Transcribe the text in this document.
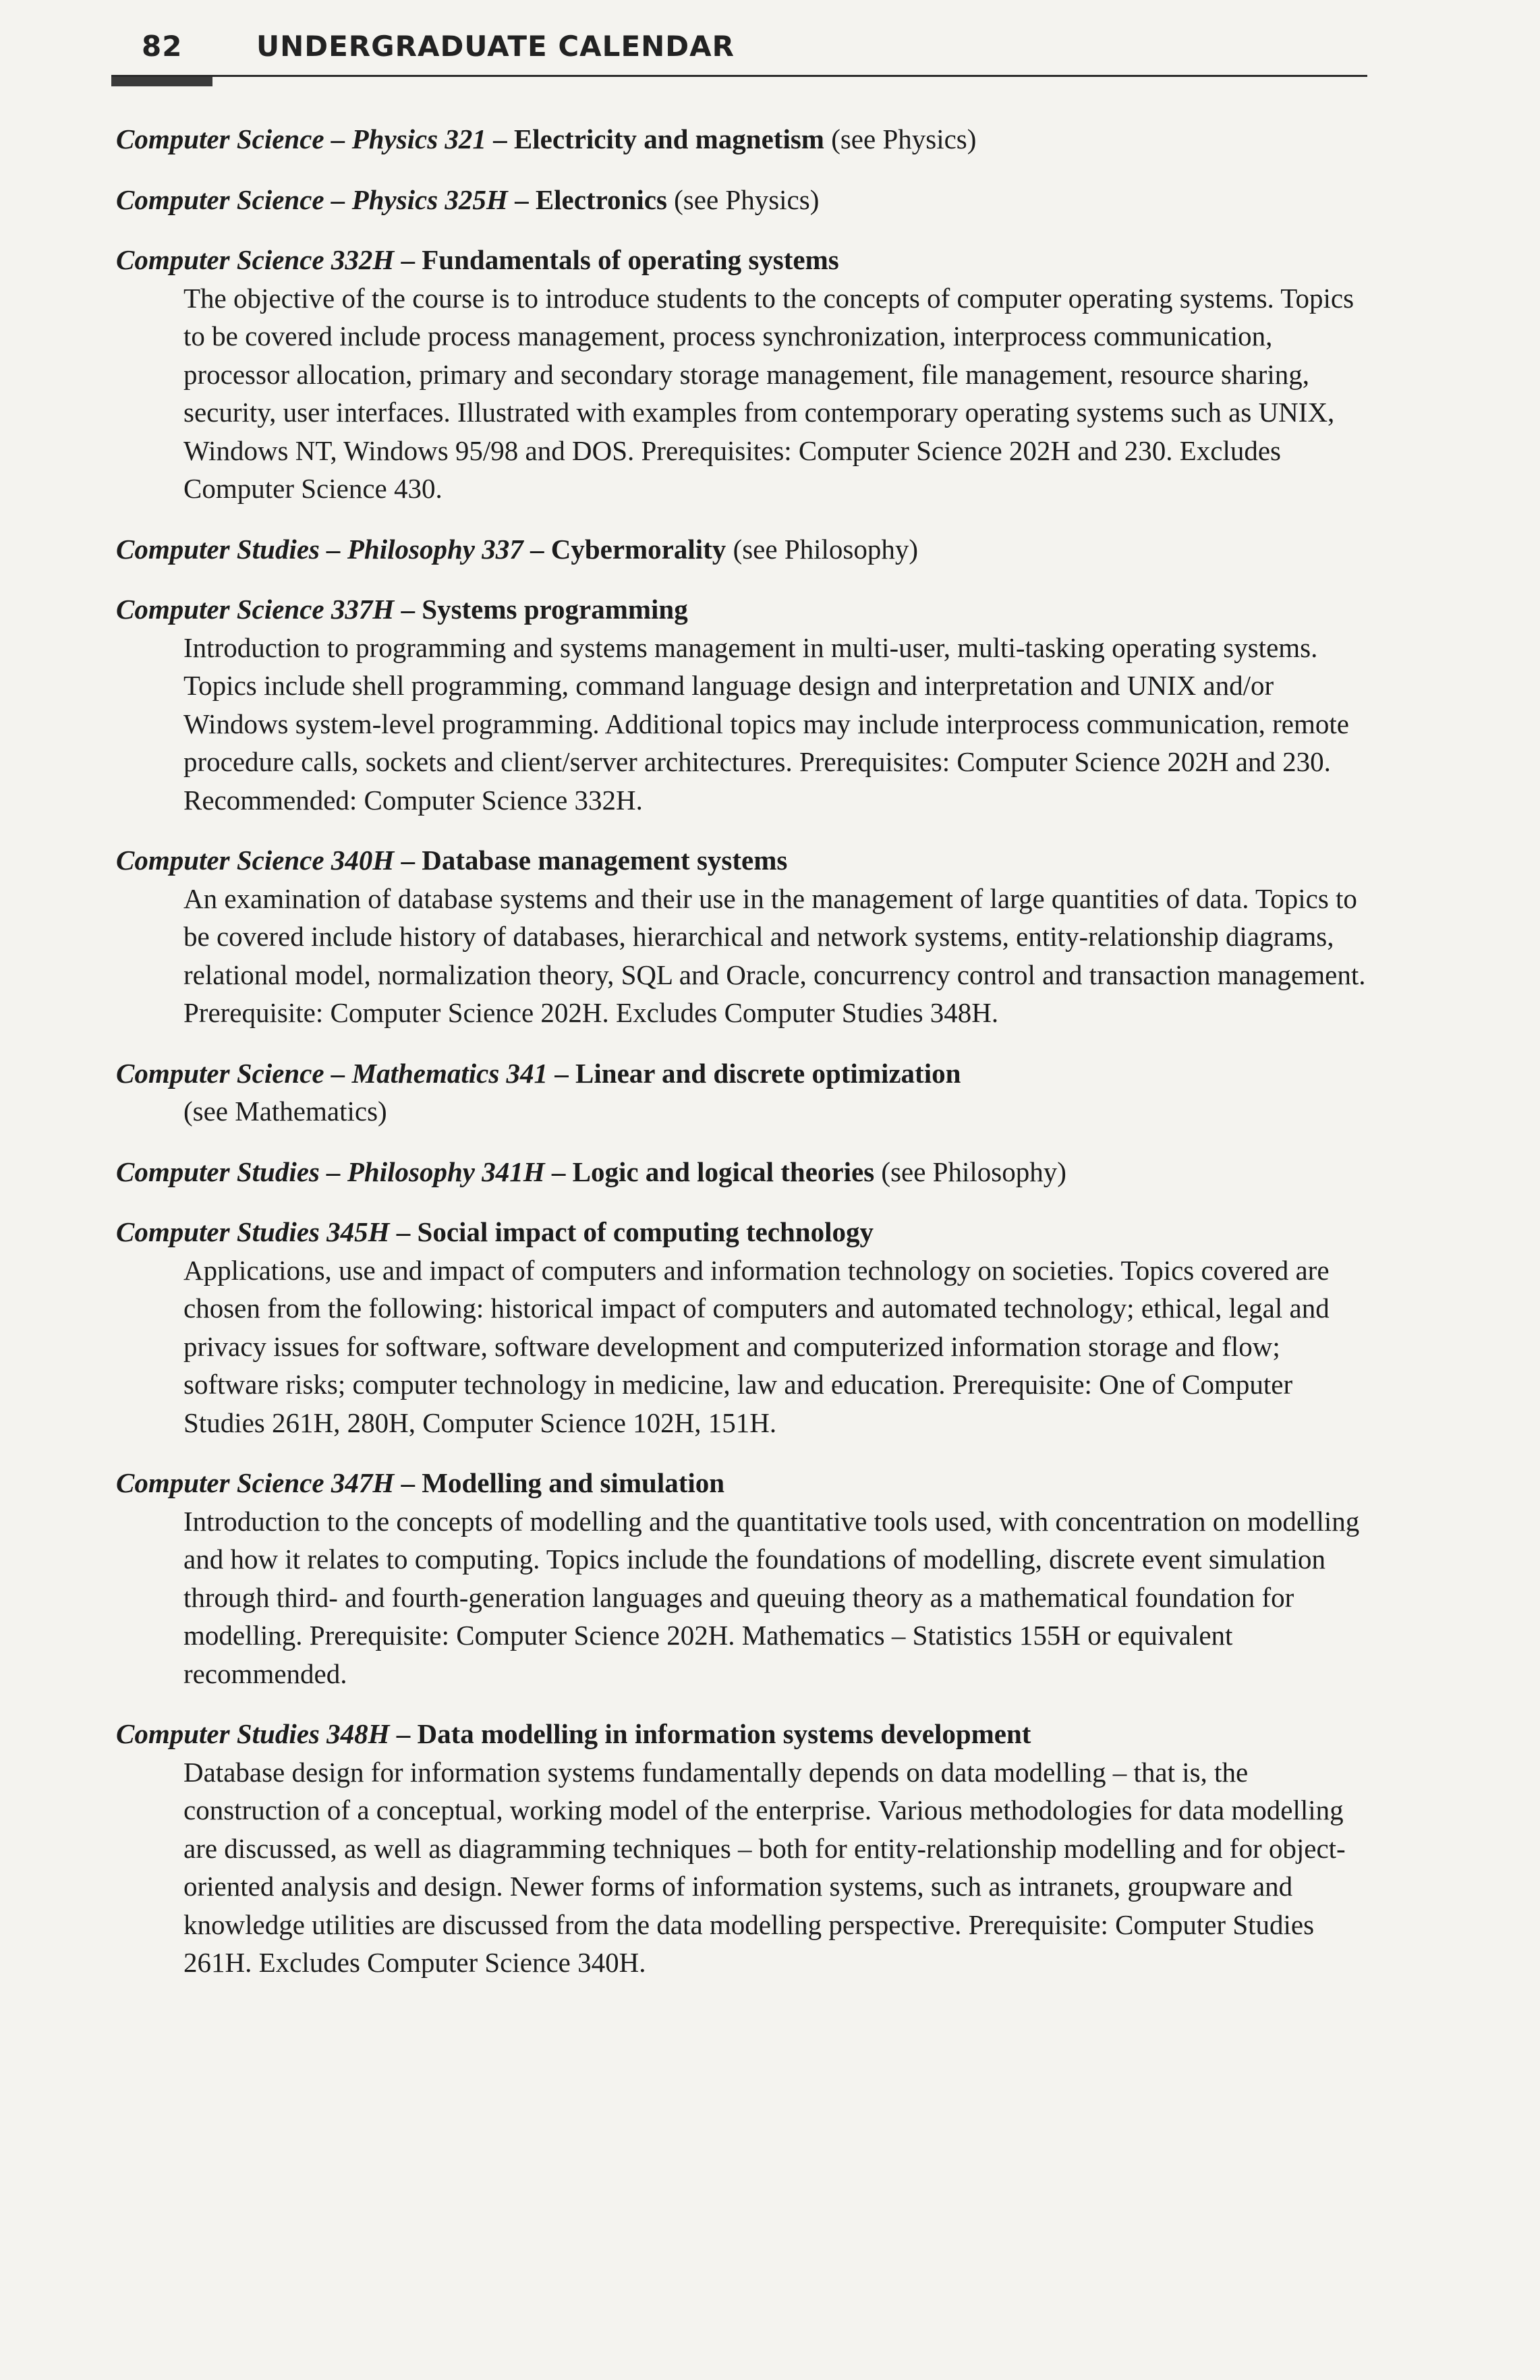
82	UNDERGRADUATE CALENDAR
Computer Science – Physics 321 – Electricity and magnetism (see Physics)
Computer Science – Physics 325H – Electronics (see Physics)
Computer Science 332H – Fundamentals of operating systems
The objective of the course is to introduce students to the concepts of computer operating systems. Topics to be covered include process management, process synchronization, interprocess communication, processor allocation, primary and secondary storage management, file management, resource sharing, security, user interfaces. Illustrated with examples from contemporary operating systems such as UNIX, Windows NT, Windows 95/98 and DOS. Prerequisites: Computer Science 202H and 230. Excludes Computer Science 430.
Computer Studies – Philosophy 337 – Cybermorality (see Philosophy)
Computer Science 337H – Systems programming
Introduction to programming and systems management in multi-user, multi-tasking operating systems. Topics include shell programming, command language design and interpretation and UNIX and/or Windows system-level programming. Additional topics may include interprocess communication, remote procedure calls, sockets and client/server architectures. Prerequisites: Computer Science 202H and 230. Recommended: Computer Science 332H.
Computer Science 340H – Database management systems
An examination of database systems and their use in the management of large quantities of data. Topics to be covered include history of databases, hierarchical and network systems, entity-relationship diagrams, relational model, normalization theory, SQL and Oracle, concurrency control and transaction management. Prerequisite: Computer Science 202H. Excludes Computer Studies 348H.
Computer Science – Mathematics 341 – Linear and discrete optimization
(see Mathematics)
Computer Studies – Philosophy 341H – Logic and logical theories (see Philosophy)
Computer Studies 345H – Social impact of computing technology
Applications, use and impact of computers and information technology on societies. Topics covered are chosen from the following: historical impact of computers and automated technology; ethical, legal and privacy issues for software, software development and computerized information storage and flow; software risks; computer technology in medicine, law and education. Prerequisite: One of Computer Studies 261H, 280H, Computer Science 102H, 151H.
Computer Science 347H – Modelling and simulation
Introduction to the concepts of modelling and the quantitative tools used, with concentration on modelling and how it relates to computing. Topics include the foundations of modelling, discrete event simulation through third- and fourth-generation languages and queuing theory as a mathematical foundation for modelling. Prerequisite: Computer Science 202H. Mathematics – Statistics 155H or equivalent recommended.
Computer Studies 348H – Data modelling in information systems development
Database design for information systems fundamentally depends on data modelling – that is, the construction of a conceptual, working model of the enterprise. Various methodologies for data modelling are discussed, as well as diagramming techniques – both for entity-relationship modelling and for object-oriented analysis and design. Newer forms of information systems, such as intranets, groupware and knowledge utilities are discussed from the data modelling perspective. Prerequisite: Computer Studies 261H. Excludes Computer Science 340H.
